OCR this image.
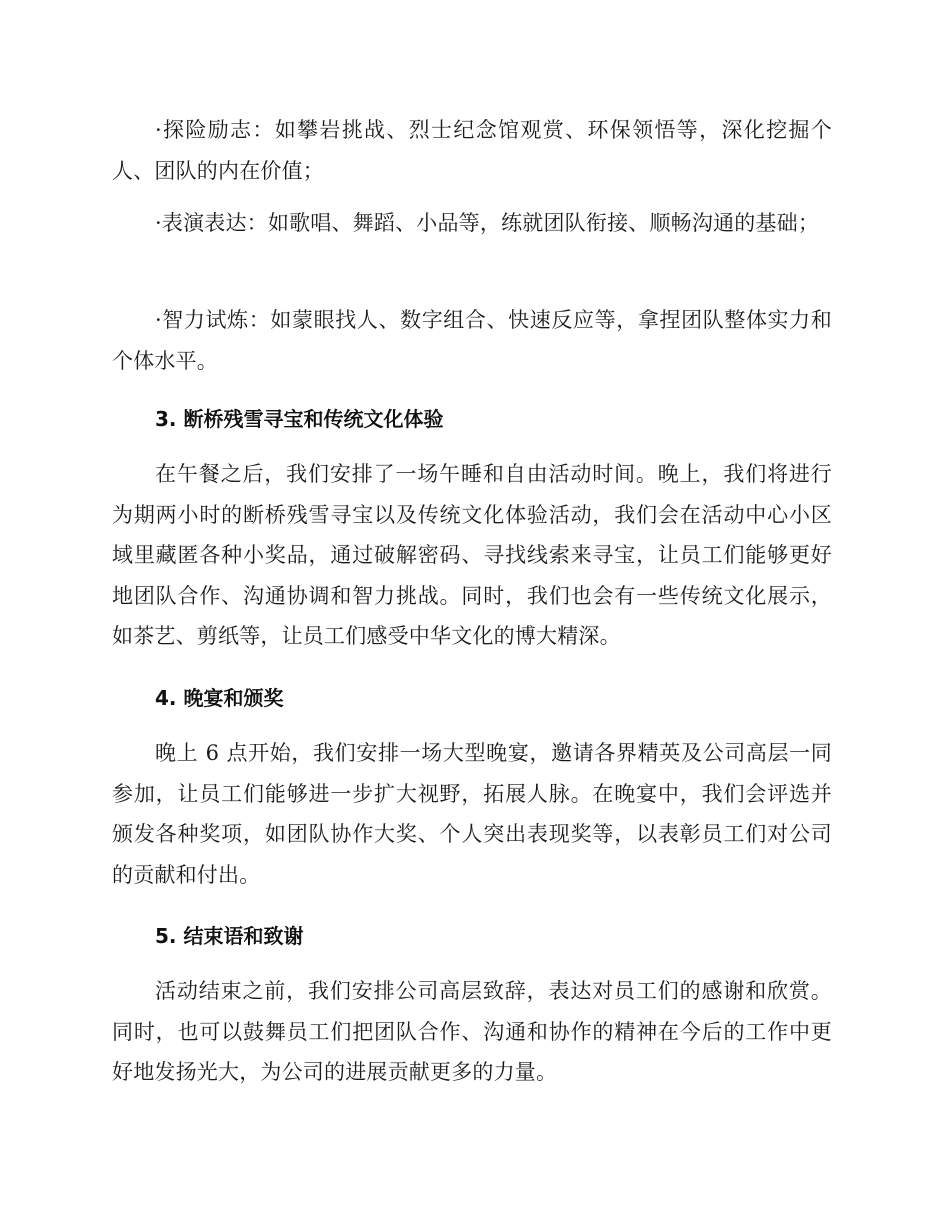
·探险励志：如攀岩挑战、烈士纪念馆观赏、环保领悟等，深化挖掘个人、团队的内在价值；

·表演表达：如歌唱、舞蹈、小品等，练就团队衔接、顺畅沟通的基础；

·智力试炼：如蒙眼找人、数字组合、快速反应等，拿捏团队整体实力和个体水平。

3. 断桥残雪寻宝和传统文化体验

在午餐之后，我们安排了一场午睡和自由活动时间。晚上，我们将进行为期两小时的断桥残雪寻宝以及传统文化体验活动，我们会在活动中心小区域里藏匿各种小奖品，通过破解密码、寻找线索来寻宝，让员工们能够更好地团队合作、沟通协调和智力挑战。同时，我们也会有一些传统文化展示，如茶艺、剪纸等，让员工们感受中华文化的博大精深。

4. 晚宴和颁奖

晚上 6 点开始，我们安排一场大型晚宴，邀请各界精英及公司高层一同参加，让员工们能够进一步扩大视野，拓展人脉。在晚宴中，我们会评选并颁发各种奖项，如团队协作大奖、个人突出表现奖等，以表彰员工们对公司的贡献和付出。

5. 结束语和致谢

活动结束之前，我们安排公司高层致辞，表达对员工们的感谢和欣赏。同时，也可以鼓舞员工们把团队合作、沟通和协作的精神在今后的工作中更好地发扬光大，为公司的进展贡献更多的力量。
